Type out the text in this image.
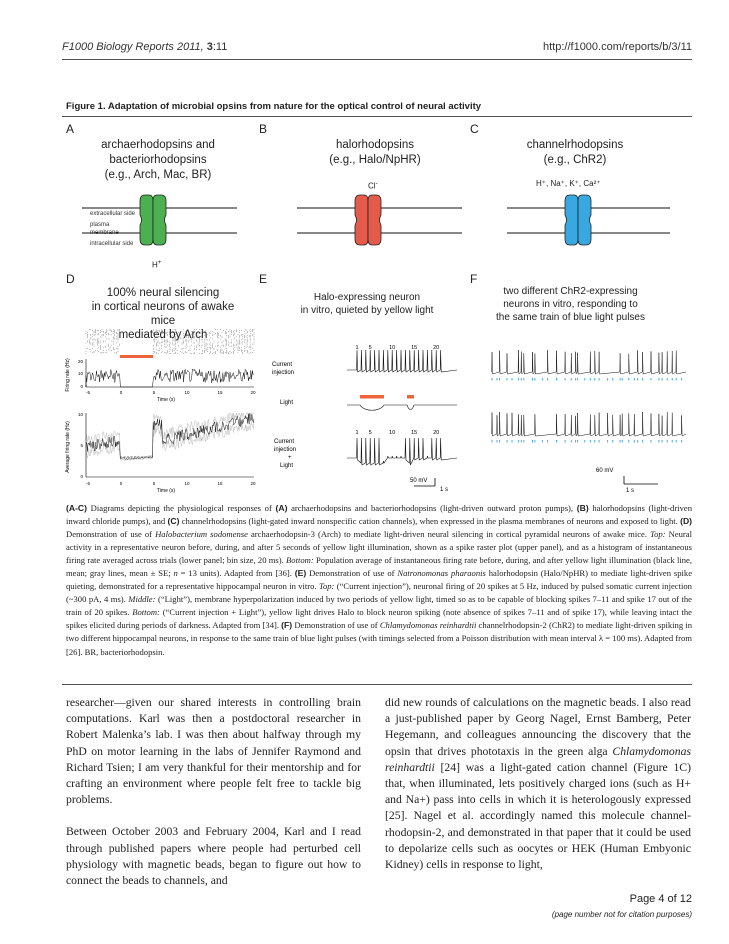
F1000 Biology Reports 2011, 3:11	http://f1000.com/reports/b/3/11
Figure 1. Adaptation of microbial opsins from nature for the optical control of neural activity
A	B	C
D	E	F
archaerhodopsins and
bacteriorhodopsins
(e.g., Arch, Mac, BR)
halorhodopsins
(e.g., Halo/NpHR)
channelrhodopsins
(e.g., ChR2)
extracellular side
plasma
membrane
intracellular side
H+
Cl-	H⁺, Na⁺, K⁺, Ca²⁺
100% neural silencing
in cortical neurons of awake mice
mediated by Arch
Firing rate (Hz)
Average firing rate (Hz)
20
10
0
10
5
0
-5
-5
0
0
5
5
10
10
15
15
20
20
Time (s)
Time (s)
Halo-expressing neuron
in vitro, quieted by yellow light
1 5	10	15	20
Current
injection
Light
1 5	10	15	20
Current
injection
+
Light
50 mV
1 s
two different ChR2-expressing
neurons in vitro, responding to
the same train of blue light pulses
60 mV
1 s
(A-C) Diagrams depicting the physiological responses of (A) archaerhodopsins and bacteriorhodopsins (light-driven outward proton pumps), (B) halorhodopsins (light-driven inward chloride pumps), and (C) channelrhodopsins (light-gated inward nonspecific cation channels), when expressed in the plasma membranes of neurons and exposed to light. (D) Demonstration of use of Halobacterium sodomense archaerhodopsin-3 (Arch) to mediate light-driven neural silencing in cortical pyramidal neurons of awake mice. Top: Neural activity in a representative neuron before, during, and after 5 seconds of yellow light illumination, shown as a spike raster plot (upper panel), and as a histogram of instantaneous firing rate averaged across trials (lower panel; bin size, 20 ms). Bottom: Population average of instantaneous firing rate before, during, and after yellow light illumination (black line, mean; gray lines, mean ± SE; n = 13 units). Adapted from [36]. (E) Demonstration of use of Natronomonas pharaonis halorhodopsin (Halo/NpHR) to mediate light-driven spike quieting, demonstrated for a representative hippocampal neuron in vitro. Top: (“Current injection”), neuronal firing of 20 spikes at 5 Hz, induced by pulsed somatic current injection (~300 pA, 4 ms). Middle: (“Light”), membrane hyperpolarization induced by two periods of yellow light, timed so as to be capable of blocking spikes 7–11 and spike 17 out of the train of 20 spikes. Bottom: (“Current injection + Light”), yellow light drives Halo to block neuron spiking (note absence of spikes 7–11 and of spike 17), while leaving intact the spikes elicited during periods of darkness. Adapted from [34]. (F) Demonstration of use of Chlamydomonas reinhardtii channelrhodopsin-2 (ChR2) to mediate light-driven spiking in two different hippocampal neurons, in response to the same train of blue light pulses (with timings selected from a Poisson distribution with mean interval λ = 100 ms). Adapted from [26]. BR, bacteriorhodopsin.

researcher—given our shared interests in controlling brain computations. Karl was then a postdoctoral researcher in Robert Malenka’s lab. I was then about halfway through my PhD on motor learning in the labs of Jennifer Raymond and Richard Tsien; I am very thankful for their mentorship and for crafting an environment where people felt free to tackle big problems.

Between October 2003 and February 2004, Karl and I read through published papers where people had perturbed cell physiology with magnetic beads, began to figure out how to connect the beads to channels, and

did new rounds of calculations on the magnetic beads. I also read a just-published paper by Georg Nagel, Ernst Bamberg, Peter Hegemann, and colleagues announcing the discovery that the opsin that drives phototaxis in the green alga Chlamydomonas reinhardtii [24] was a light-gated cation channel (Figure 1C) that, when illuminated, lets positively charged ions (such as H+ and Na+) pass into cells in which it is heterologously expressed [25]. Nagel et al. accordingly named this molecule channel-rhodopsin-2, and demonstrated in that paper that it could be used to depolarize cells such as oocytes or HEK (Human Embyonic Kidney) cells in response to light,

Page 4 of 12
(page number not for citation purposes)
